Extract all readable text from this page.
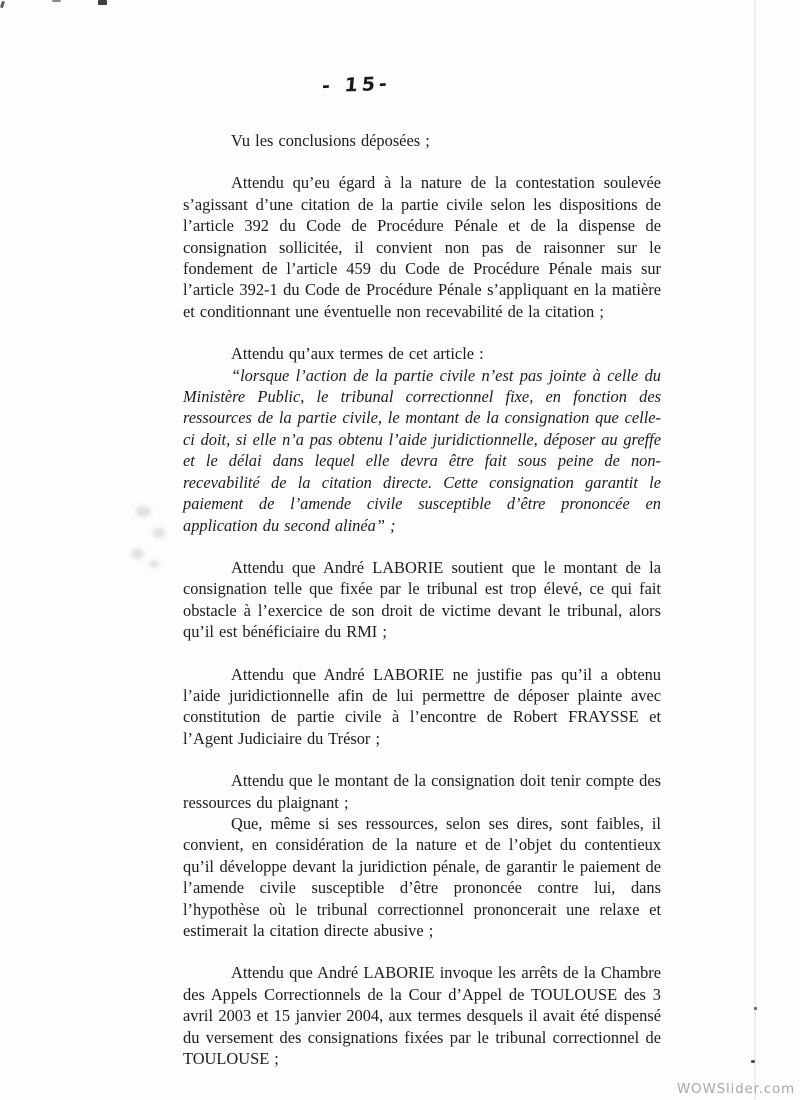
- 15-

Vu les conclusions déposées ;

Attendu qu’eu égard à la nature de la contestation soulevée s’agissant d’une citation de la partie civile selon les dispositions de l’article 392 du Code de Procédure Pénale et de la dispense de consignation sollicitée, il convient non pas de raisonner sur le fondement de l’article 459 du Code de Procédure Pénale mais sur l’article 392-1 du Code de Procédure Pénale s’appliquant en la matière et conditionnant une éventuelle non recevabilité de la citation ;

Attendu qu’aux termes de cet article :

“lorsque l’action de la partie civile n’est pas jointe à celle du Ministère Public, le tribunal correctionnel fixe, en fonction des ressources de la partie civile, le montant de la consignation que celle-ci doit, si elle n’a pas obtenu l’aide juridictionnelle, déposer au greffe et le délai dans lequel elle devra être fait sous peine de non-recevabilité de la citation directe. Cette consignation garantit le paiement de l’amende civile susceptible d’être prononcée en application du second alinéa” ;

Attendu que André LABORIE soutient que le montant de la consignation telle que fixée par le tribunal est trop élevé, ce qui fait obstacle à l’exercice de son droit de victime devant le tribunal, alors qu’il est bénéficiaire du RMI ;

Attendu que André LABORIE ne justifie pas qu’il a obtenu l’aide juridictionnelle afin de lui permettre de déposer plainte avec constitution de partie civile à l’encontre de Robert FRAYSSE et l’Agent Judiciaire du Trésor ;

Attendu que le montant de la consignation doit tenir compte des ressources du plaignant ;

Que, même si ses ressources, selon ses dires, sont faibles, il convient, en considération de la nature et de l’objet du contentieux qu’il développe devant la juridiction pénale, de garantir le paiement de l’amende civile susceptible d’être prononcée contre lui, dans l’hypothèse où le tribunal correctionnel prononcerait une relaxe et estimerait la citation directe abusive ;

Attendu que André LABORIE invoque les arrêts de la Chambre des Appels Correctionnels de la Cour d’Appel de TOULOUSE des 3 avril 2003 et 15 janvier 2004, aux termes desquels il avait été dispensé du versement des consignations fixées par le tribunal correctionnel de TOULOUSE ;

WOWSlider.com
